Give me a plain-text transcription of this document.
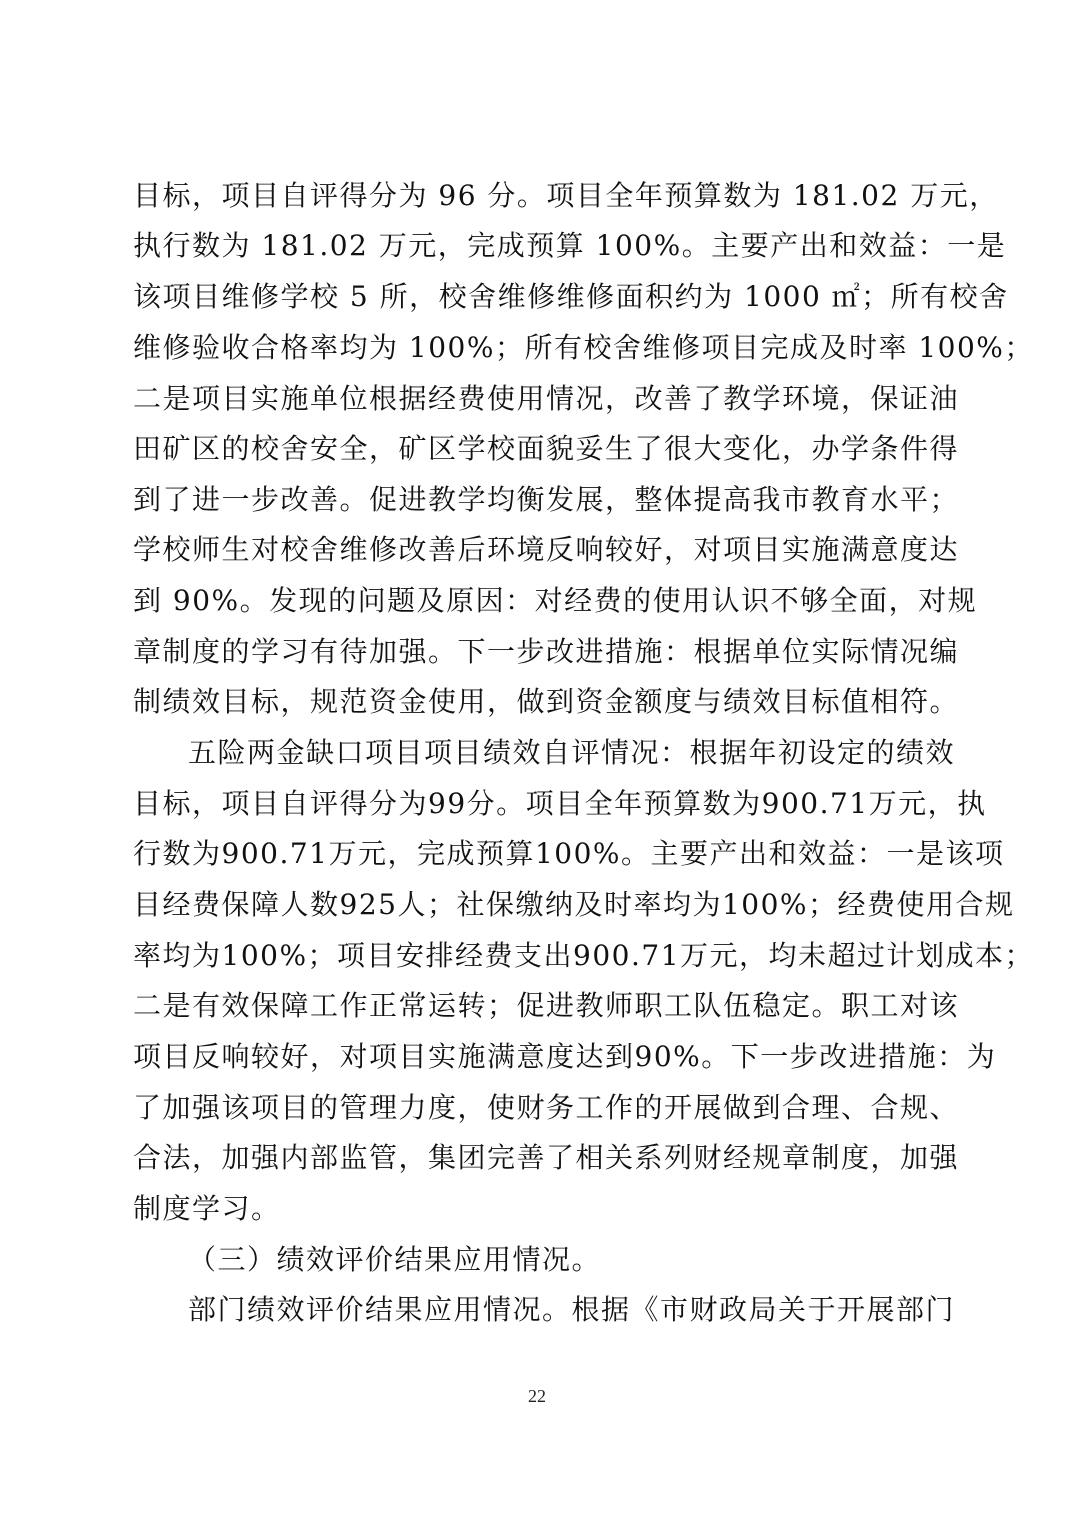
目标，项目自评得分为 96 分。项目全年预算数为 181.02 万元，
执行数为 181.02 万元，完成预算 100%。主要产出和效益：一是
该项目维修学校 5 所，校舍维修维修面积约为 1000 ㎡；所有校舍
维修验收合格率均为 100%；所有校舍维修项目完成及时率 100%；
二是项目实施单位根据经费使用情况，改善了教学环境，保证油
田矿区的校舍安全，矿区学校面貌妥生了很大变化，办学条件得
到了进一步改善。促进教学均衡发展，整体提高我市教育水平；
学校师生对校舍维修改善后环境反响较好，对项目实施满意度达
到 90%。发现的问题及原因：对经费的使用认识不够全面，对规
章制度的学习有待加强。下一步改进措施：根据单位实际情况编
制绩效目标，规范资金使用，做到资金额度与绩效目标值相符。
五险两金缺口项目项目绩效自评情况：根据年初设定的绩效
目标，项目自评得分为99分。项目全年预算数为900.71万元，执
行数为900.71万元，完成预算100%。主要产出和效益：一是该项
目经费保障人数925人；社保缴纳及时率均为100%；经费使用合规
率均为100%；项目安排经费支出900.71万元，均未超过计划成本；
二是有效保障工作正常运转；促进教师职工队伍稳定。职工对该
项目反响较好，对项目实施满意度达到90%。下一步改进措施：为
了加强该项目的管理力度，使财务工作的开展做到合理、合规、
合法，加强内部监管，集团完善了相关系列财经规章制度，加强
制度学习。
（三）绩效评价结果应用情况。
部门绩效评价结果应用情况。根据《市财政局关于开展部门
22
